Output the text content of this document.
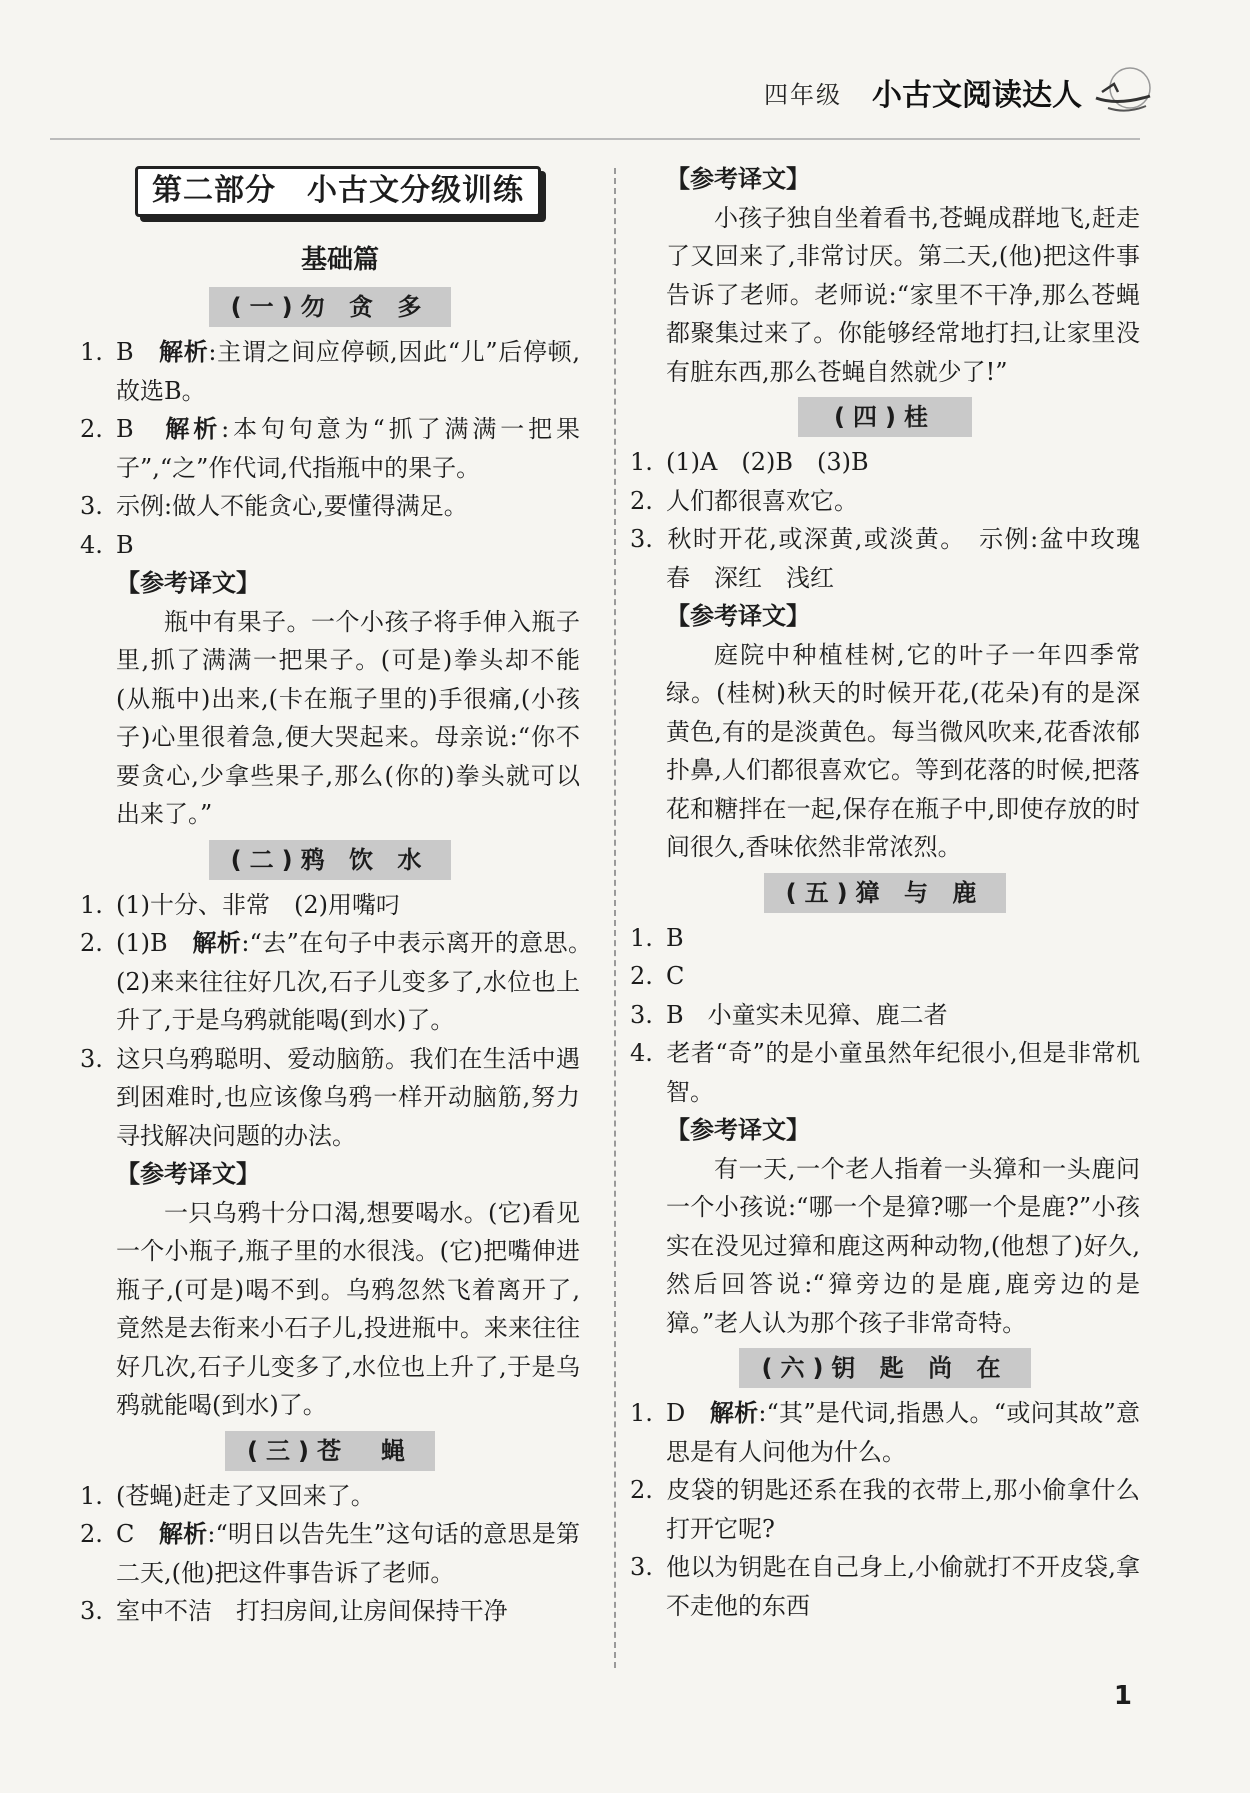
四年级 小古文阅读达人
第二部分　小古文分级训练
基础篇
(一)勿 贪 多
1. B　解析:主谓之间应停顿,因此“儿”后停顿,故选B。
2. B　解析:本句句意为“抓了满满一把果子”,“之”作代词,代指瓶中的果子。
3. 示例:做人不能贪心,要懂得满足。
4. B
【参考译文】
瓶中有果子。一个小孩子将手伸入瓶子里,抓了满满一把果子。(可是)拳头却不能(从瓶中)出来,(卡在瓶子里的)手很痛,(小孩子)心里很着急,便大哭起来。母亲说:“你不要贪心,少拿些果子,那么(你的)拳头就可以出来了。”
(二)鸦 饮 水
1. (1)十分、非常　(2)用嘴叼
2. (1)B　解析:“去”在句子中表示离开的意思。　(2)来来往往好几次,石子儿变多了,水位也上升了,于是乌鸦就能喝(到水)了。
3. 这只乌鸦聪明、爱动脑筋。我们在生活中遇到困难时,也应该像乌鸦一样开动脑筋,努力寻找解决问题的办法。
【参考译文】
一只乌鸦十分口渴,想要喝水。(它)看见一个小瓶子,瓶子里的水很浅。(它)把嘴伸进瓶子,(可是)喝不到。乌鸦忽然飞着离开了,竟然是去衔来小石子儿,投进瓶中。来来往往好几次,石子儿变多了,水位也上升了,于是乌鸦就能喝(到水)了。
(三)苍　蝇
1. (苍蝇)赶走了又回来了。
2. C　解析:“明日以告先生”这句话的意思是第二天,(他)把这件事告诉了老师。
3. 室中不洁　打扫房间,让房间保持干净
【参考译文】
小孩子独自坐着看书,苍蝇成群地飞,赶走了又回来了,非常讨厌。第二天,(他)把这件事告诉了老师。老师说:“家里不干净,那么苍蝇都聚集过来了。你能够经常地打扫,让家里没有脏东西,那么苍蝇自然就少了!”
(四)桂
1. (1)A　(2)B　(3)B
2. 人们都很喜欢它。
3. 秋时开花,或深黄,或淡黄。　示例:盆中玫瑰　春　深红　浅红
【参考译文】
庭院中种植桂树,它的叶子一年四季常绿。(桂树)秋天的时候开花,(花朵)有的是深黄色,有的是淡黄色。每当微风吹来,花香浓郁扑鼻,人们都很喜欢它。等到花落的时候,把落花和糖拌在一起,保存在瓶子中,即使存放的时间很久,香味依然非常浓烈。
(五)獐 与 鹿
1. B
2. C
3. B　小童实未见獐、鹿二者
4. 老者“奇”的是小童虽然年纪很小,但是非常机智。
【参考译文】
有一天,一个老人指着一头獐和一头鹿问一个小孩说:“哪一个是獐?哪一个是鹿?”小孩实在没见过獐和鹿这两种动物,(他想了)好久,然后回答说:“獐旁边的是鹿,鹿旁边的是獐。”老人认为那个孩子非常奇特。
(六)钥 匙 尚 在
1. D　解析:“其”是代词,指愚人。“或问其故”意思是有人问他为什么。
2. 皮袋的钥匙还系在我的衣带上,那小偷拿什么打开它呢?
3. 他以为钥匙在自己身上,小偷就打不开皮袋,拿不走他的东西
1
